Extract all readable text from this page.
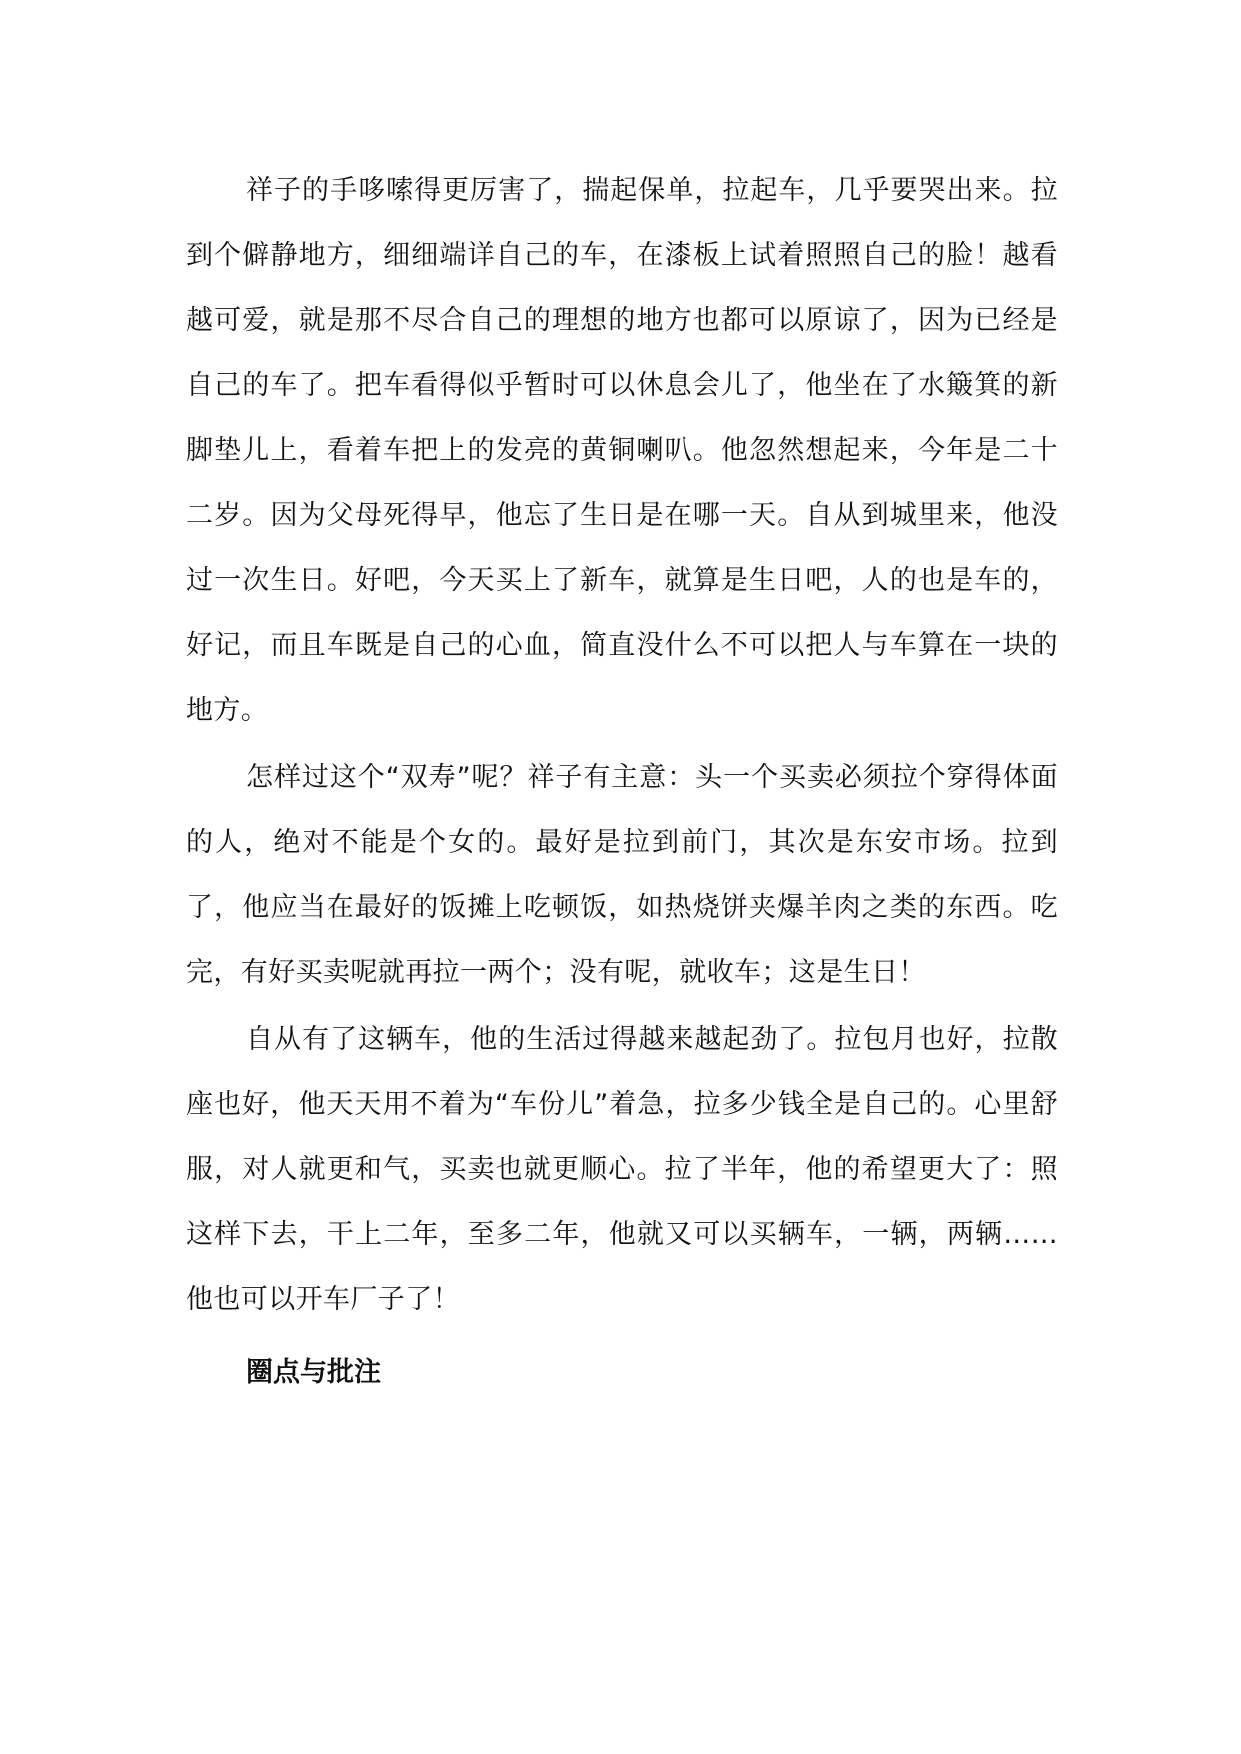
祥子的手哆嗦得更厉害了，揣起保单，拉起车，几乎要哭出来。拉到个僻静地方，细细端详自己的车，在漆板上试着照照自己的脸！越看越可爱，就是那不尽合自己的理想的地方也都可以原谅了，因为已经是自己的车了。把车看得似乎暂时可以休息会儿了，他坐在了水簸箕的新脚垫儿上，看着车把上的发亮的黄铜喇叭。他忽然想起来，今年是二十二岁。因为父母死得早，他忘了生日是在哪一天。自从到城里来，他没过一次生日。好吧，今天买上了新车，就算是生日吧，人的也是车的，好记，而且车既是自己的心血，简直没什么不可以把人与车算在一块的地方。

怎样过这个“双寿”呢？祥子有主意：头一个买卖必须拉个穿得体面的人，绝对不能是个女的。最好是拉到前门，其次是东安市场。拉到了，他应当在最好的饭摊上吃顿饭，如热烧饼夹爆羊肉之类的东西。吃完，有好买卖呢就再拉一两个；没有呢，就收车；这是生日！

自从有了这辆车，他的生活过得越来越起劲了。拉包月也好，拉散座也好，他天天用不着为“车份儿”着急，拉多少钱全是自己的。心里舒服，对人就更和气，买卖也就更顺心。拉了半年，他的希望更大了：照这样下去，干上二年，至多二年，他就又可以买辆车，一辆，两辆…… 他也可以开车厂子了！

圈点与批注
